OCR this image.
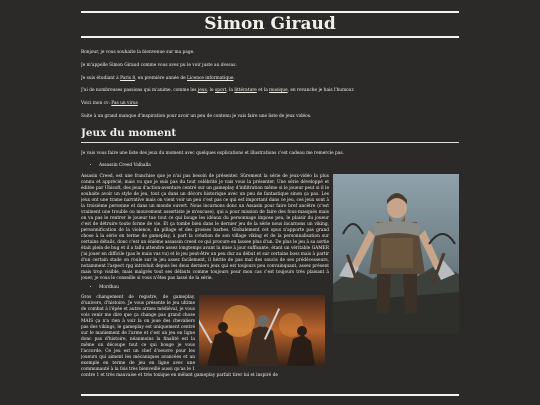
Simon Giraud

Bonjour, je vous souhaite la bienvenue sur ma page.

Je m'appelle Simon Giraud comme vous avez pu le voir juste au dessus.

Je suis étudiant à Paris 8, en première année de Licence informatique.

J'ai de nombreuses passions qui m'anime, comme les jeux, le sport, la littérature et la musique, en revanche je hais l'humour.

Voici mon cv: Pas un virus

Suite à un grand manque d'inspiration pour avoir un peu de contenu je vais faire une liste de jeux vidéos.

Jeux du moment

Je vais vous faire une liste des jeux du moment avec quelques explications et illustrations c'est cadeau me remercie pas.

• Assassin Creed Valhalla

Assasin Creed, est une franchise que je n'ai pas besoin de présenter. Sûrement la série de jeux-vidéo la plus connu et apprécié, mais vu que je suis pas du tout celèbrité je vais vous la présenter. Une série développé et éditée par Ubisoft, des jeux d'action-aventure centré sur un gameplay d'infiltration même si le joueur peut si il le souhaite avoir un style de jeu, tout ça dans un décors historique avec un peu de fantastique sinon ça pas. Les jeux ont une trame narrative mais on vient voir un peu c'est pas ce qui est important dans ce jeu, ces jeux sont à la troisième personne et dans un monde ouvert. Nous incarnons donc un Assasin pour faire bref ancêtre (c'est vraiment une trouble ou mouvement assertiste je m'excuse), qui a pour mission de faire des fous-masqués mais on va pas le rentrer le joueur tue tout ce qui bouge les idéaux du personnage impose peu, le plaisir du joueur c'est de détruire toute forme de vie. Et ça tombe bien dans le dernier jeu de la série nous incarnons un viking, personnification de la violence, du pillage et des grosses barbes. Globalement cet opus n'apporte pas grand chose à la série en terme de gameplay, à part la création de son village viking et de la personnalisation sur certains détails, donc c'est un énième assassin creed ce qui procure en lassee plus d'un. De plus le jeu à sa sortie était plein de bug et il a fallu attendre assez longtemps avant la mise à jour suffisante, étant un véritable GAMER j'ai jouer en difficile (pas le mais vas vu) et le jeu peut-être un peu dur au début et sur certains boss mais à partir d'un certain stade on roule sur le jeu assez facilement, il hérite de pas mal des soucis de ses prédécesseurs, notamment l'aspect rpg introduit depuis les deux derniers jeux qui est toujours peu convainquant, assez présent mais trop visible, mais malgrés tout ses défauts comme toujours pour mon cas c'est toujours très plaisant à jouer, je vous le conseille si vous n'êtes pas lassé de la série.

• Mordhau

Gros changement de registre, de gameplay, d'univers, d'histoire. Je vous présente le jeu ultime de combat à l'épée et autre armes médiéval, je vous vois venir me dire que ça change pas grand chose MAIS ça n'a rien à voir la on joue des chevaliers pas des vikings, le gameplay est uniquement centré sur le maniement de l'arme et c'est un jeu en ligne donc pas d'histoire, néanmoins la finalité est la même on découpe tout ce qui bouge je vous l'accorde. Ce jeu est un chef d'oeuvre pour les joueurs qui aiment les mécaniques avancées et un exemple en terme de jeu en ligne avec une communauté à la fois très bienveillé aussi qu'as le 1 contre 1 et très mauvaise et très toxique en mêlant gameplay parfait tirer lui et inspiré de
